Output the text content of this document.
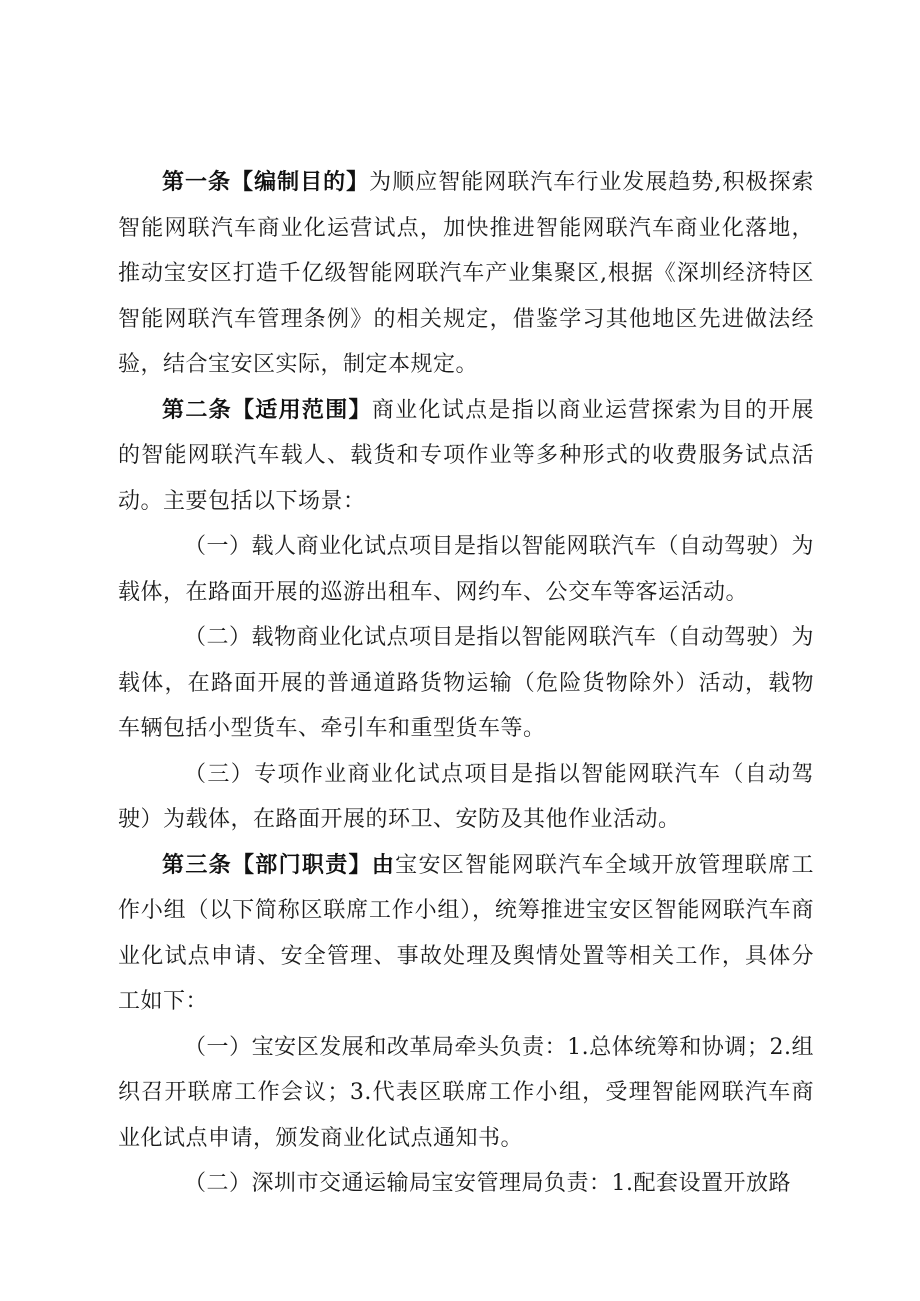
第一条【编制目的】为顺应智能网联汽车行业发展趋势,积极探索智能网联汽车商业化运营试点，加快推进智能网联汽车商业化落地，推动宝安区打造千亿级智能网联汽车产业集聚区,根据《深圳经济特区智能网联汽车管理条例》的相关规定，借鉴学习其他地区先进做法经验，结合宝安区实际，制定本规定。

第二条【适用范围】商业化试点是指以商业运营探索为目的开展的智能网联汽车载人、载货和专项作业等多种形式的收费服务试点活动。主要包括以下场景：

（一）载人商业化试点项目是指以智能网联汽车（自动驾驶）为载体，在路面开展的巡游出租车、网约车、公交车等客运活动。

（二）载物商业化试点项目是指以智能网联汽车（自动驾驶）为载体，在路面开展的普通道路货物运输（危险货物除外）活动，载物车辆包括小型货车、牵引车和重型货车等。

（三）专项作业商业化试点项目是指以智能网联汽车（自动驾驶）为载体，在路面开展的环卫、安防及其他作业活动。

第三条【部门职责】由宝安区智能网联汽车全域开放管理联席工作小组（以下简称区联席工作小组），统筹推进宝安区智能网联汽车商业化试点申请、安全管理、事故处理及舆情处置等相关工作，具体分工如下：

（一）宝安区发展和改革局牵头负责：1.总体统筹和协调；2.组织召开联席工作会议；3.代表区联席工作小组，受理智能网联汽车商业化试点申请，颁发商业化试点通知书。

（二）深圳市交通运输局宝安管理局负责：1.配套设置开放路
